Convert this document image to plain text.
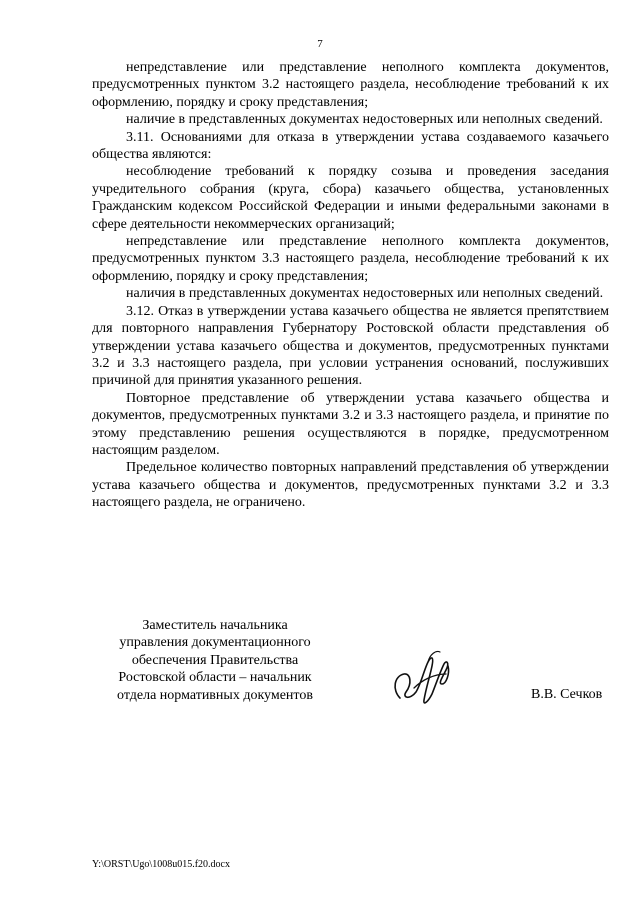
7

непредставление или представление неполного комплекта документов, предусмотренных пунктом 3.2 настоящего раздела, несоблюдение требований к их оформлению, порядку и сроку представления;

наличие в представленных документах недостоверных или неполных сведений.

3.11. Основаниями для отказа в утверждении устава создаваемого казачьего общества являются:

несоблюдение требований к порядку созыва и проведения заседания учредительного собрания (круга, сбора) казачьего общества, установленных Гражданским кодексом Российской Федерации и иными федеральными законами в сфере деятельности некоммерческих организаций;

непредставление или представление неполного комплекта документов, предусмотренных пунктом 3.3 настоящего раздела, несоблюдение требований к их оформлению, порядку и сроку представления;

наличия в представленных документах недостоверных или неполных сведений.

3.12. Отказ в утверждении устава казачьего общества не является препятствием для повторного направления Губернатору Ростовской области представления об утверждении устава казачьего общества и документов, предусмотренных пунктами 3.2 и 3.3 настоящего раздела, при условии устранения оснований, послуживших причиной для принятия указанного решения.

Повторное представление об утверждении устава казачьего общества и документов, предусмотренных пунктами 3.2 и 3.3 настоящего раздела, и принятие по этому представлению решения осуществляются в порядке, предусмотренном настоящим разделом.

Предельное количество повторных направлений представления об утверждении устава казачьего общества и документов, предусмотренных пунктами 3.2 и 3.3 настоящего раздела, не ограничено.

Заместитель начальника
управления документационного
обеспечения Правительства
Ростовской области – начальник
отдела нормативных документов	В.В. Сечков
Y:\ORST\Ugo\1008u015.f20.docx
